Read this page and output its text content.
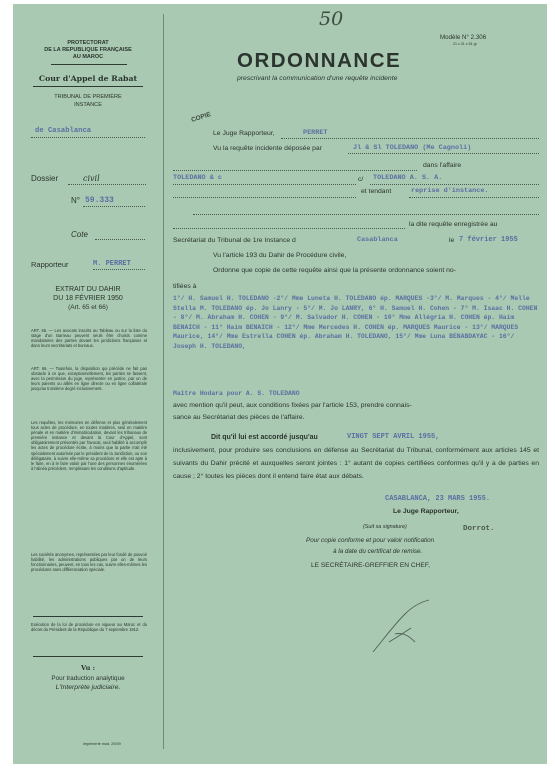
PROTECTORAT
DE LA REPUBLIQUE FRANÇAISE
AU MAROC
Cour d'Appel de Rabat
TRIBUNAL DE PREMIÈRE
INSTANCE
de Casablanca
Dossier	civil
N° 59.333
Cote
Rapporteur	M. PERRET
EXTRAIT DU DAHIR
DU 18 FÉVRIER 1950
(Art. 65 et 66)
ART. 65. — Les avocats inscrits au Tableau ou sur la liste du stage d'un Barreau peuvent seuls être choisis comme mandataires des parties devant les juridictions françaises et dans leurs secrétariats et bureaux.
ART. 66. — Toutefois, la disposition qui précède ne fait pas obstacle à ce que, exceptionnellement, les parties se fassent, avec la permission du juge, représenter en justice, par un de leurs parents ou alliés en ligne directe ou en ligne collatérale jusqu'au troisième degré inclusivement.
Les requêtes, les mémoires en défense et plus généralement tous actes de procédure, en toutes matières, seul en matière pénale et en matière d'immatriculation, devant les tribunaux de première instance et devant la Cour d'Appel, sont obligatoirement présentés par l'avocat, seul habilité à accomplir les actes de procédure écrite, à moins que la partie n'ait été spécialement autorisée par le président de la Juridiction, ou son délégataire, à suivre elle-même sa procédure et elle est apte à le faire, en à le faire valoir par l'une des personnes énumérées à l'alinéa précédent, remplissant les conditions d'aptitude.
Les sociétés anonymes, représentées par leur fondé de pouvoir habilité, les administrations publiques par un de leurs fonctionnaires, peuvent, en tous les cas, suivre elles-mêmes les procédures sans différenciation spéciale.
Exécution de la loi de procédure en vigueur au Maroc et du décret du Président de la République du 7 septembre 1912.
Vu :
Pour traduction analytique
L'Interprète judiciaire.
imprimerie mod. 29/39
50
Modèle N° 2.306
21 x 31 x 61 gr
ORDONNANCE
prescrivant la communication d'une requête incidente
COPIE
Le Juge Rapporteur,	PERRET
Vu la requête incidente déposée par	Jl & Sl TOLEDANO (Me Cagnoli)
dans l'affaire
TOLEDANO & c	c/ TOLEDANO A. S. A.
et tendant	reprise d'instance.
la dite requête enregistrée au
Secrétariat du Tribunal de 1re Instance d	Casablanca	le 7 février 1955
Vu l'article 193 du Dahir de Procédure civile,
Ordonne que copie de cette requête ainsi que la présente ordonnance soient no-
tifiées à
1°/ H. Samuel H. TOLEDANO -2°/ Mme Luneta H. TOLEDANO ép. MARQUES -3°/ M. Marques - 4°/ Melle Stella M. TOLEDANO ép. Jo Lanry - 5°/ M. Jo LANRY, 6° H. Samuel H. Cohen - 7° M. Isaac H. COHEN - 8°/ M. Abraham H. COHEN - 9°/ M. Salvador H. COHEN - 10° Mme Allégria H. COHEN ép. Haim BENAICH - 11° Haim BENAICH - 12°/ Mme Mercedes H. COHEN ép. MARQUES Maurice - 13°/ MARQUES Maurice, 14°/ Mme Estrella COHEN ép. Abraham H. TOLEDANO, 15°/ Mme Luna BENABDAYAC - 16°/ Joseph H. TOLEDANO,
Maître Hodara pour A. S. TOLEDANO
avec mention qu'il peut, aux conditions fixées par l'article 153, prendre connais-
sance au Secrétariat des pièces de l'affaire.
Dit qu'il lui est accordé jusqu'au	VINGT SEPT AVRIL 1955,
inclusivement, pour produire ses conclusions en défense au Secrétariat du Tribunal, conformément aux articles 145 et suivants du Dahir précité et auxquelles seront jointes : 1° autant de copies certifiées conformes qu'il y a de parties en cause ; 2° toutes les pièces dont il entend faire état aux débats.
CASABLANCA, 23 MARS 1955.
Le Juge Rapporteur,
(Suit sa signature)	Dorrot.
Pour copie conforme et pour valoir notification
à la date du certificat de remise.
LE SECRÉTAIRE-GREFFIER EN CHEF,
